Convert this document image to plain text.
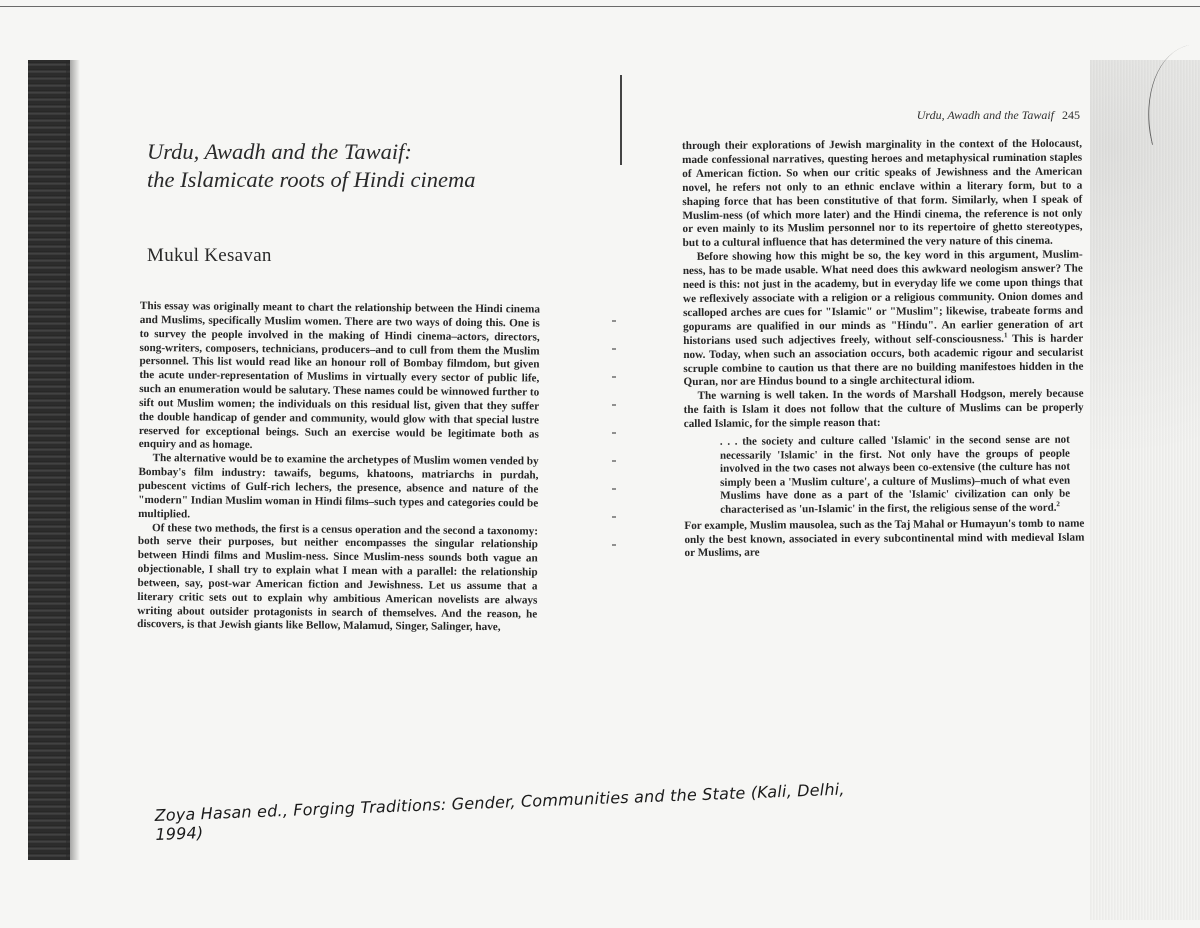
Urdu, Awadh and the Tawaif:
the Islamicate roots of Hindi cinema
Mukul Kesavan

This essay was originally meant to chart the relationship between the Hindi cinema and Muslims, specifically Muslim women. There are two ways of doing this. One is to survey the people involved in the making of Hindi cinema–actors, directors, song-writers, composers, technicians, producers–and to cull from them the Muslim personnel. This list would read like an honour roll of Bombay filmdom, but given the acute under-representation of Muslims in virtually every sector of public life, such an enumeration would be salutary. These names could be winnowed further to sift out Muslim women; the individuals on this residual list, given that they suffer the double handicap of gender and community, would glow with that special lustre reserved for exceptional beings. Such an exercise would be legitimate both as enquiry and as homage.

The alternative would be to examine the archetypes of Muslim women vended by Bombay's film industry: tawaifs, begums, khatoons, matriarchs in purdah, pubescent victims of Gulf-rich lechers, the presence, absence and nature of the "modern" Indian Muslim woman in Hindi films–such types and categories could be multiplied.

Of these two methods, the first is a census operation and the second a taxonomy: both serve their purposes, but neither encompasses the singular relationship between Hindi films and Muslim-ness. Since Muslim-ness sounds both vague an objectionable, I shall try to explain what I mean with a parallel: the relationship between, say, post-war American fiction and Jewishness. Let us assume that a literary critic sets out to explain why ambitious American novelists are always writing about outsider protagonists in search of themselves. And the reason, he discovers, is that Jewish giants like Bellow, Malamud, Singer, Salinger, have,

Urdu, Awadh and the Tawaif 245

through their explorations of Jewish marginality in the context of the Holocaust, made confessional narratives, questing heroes and metaphysical rumination staples of American fiction. So when our critic speaks of Jewishness and the American novel, he refers not only to an ethnic enclave within a literary form, but to a shaping force that has been constitutive of that form. Similarly, when I speak of Muslim-ness (of which more later) and the Hindi cinema, the reference is not only or even mainly to its Muslim personnel nor to its repertoire of ghetto stereotypes, but to a cultural influence that has determined the very nature of this cinema.

Before showing how this might be so, the key word in this argument, Muslim-ness, has to be made usable. What need does this awkward neologism answer? The need is this: not just in the academy, but in everyday life we come upon things that we reflexively associate with a religion or a religious community. Onion domes and scalloped arches are cues for "Islamic" or "Muslim"; likewise, trabeate forms and gopurams are qualified in our minds as "Hindu". An earlier generation of art historians used such adjectives freely, without self-consciousness.$^1$ This is harder now. Today, when such an association occurs, both academic rigour and secularist scruple combine to caution us that there are no building manifestoes hidden in the Quran, nor are Hindus bound to a single architectural idiom.

The warning is well taken. In the words of Marshall Hodgson, merely because the faith is Islam it does not follow that the culture of Muslims can be properly called Islamic, for the simple reason that:

. . . the society and culture called 'Islamic' in the second sense are not necessarily 'Islamic' in the first. Not only have the groups of people involved in the two cases not always been co-extensive (the culture has not simply been a 'Muslim culture', a culture of Muslims)–much of what even Muslims have done as a part of the 'Islamic' civilization can only be characterised as 'un-Islamic' in the first, the religious sense of the word.$^2$

For example, Muslim mausolea, such as the Taj Mahal or Humayun's tomb to name only the best known, associated in every subcontinental mind with medieval Islam or Muslims, are

Zoya Hasan ed., Forging Traditions: Gender, Communities and the State (Kali, Delhi, 1994)
